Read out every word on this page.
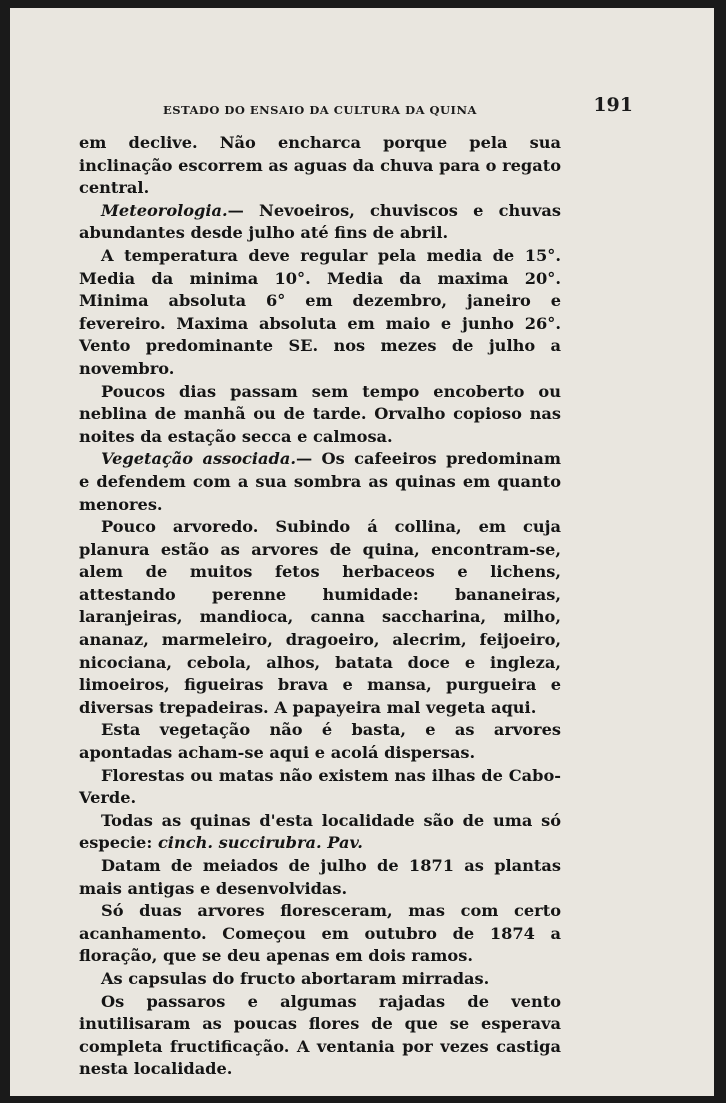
ESTADO DO ENSAIO DA CULTURA DA QUINA	191

em declive. Não encharca porque pela sua inclinação escorrem as aguas da chuva para o regato central.

Meteorologia.— Nevoeiros, chuviscos e chuvas abundantes desde julho até fins de abril.

A temperatura deve regular pela media de 15°. Media da minima 10°. Media da maxima 20°. Minima absoluta 6° em dezembro, janeiro e fevereiro. Maxima absoluta em maio e junho 26°. Vento predominante SE. nos mezes de julho a novembro.

Poucos dias passam sem tempo encoberto ou neblina de manhã ou de tarde. Orvalho copioso nas noites da estação secca e calmosa.

Vegetação associada.— Os cafeeiros predominam e defendem com a sua sombra as quinas em quanto menores.

Pouco arvoredo. Subindo á collina, em cuja planura estão as arvores de quina, encontram-se, alem de muitos fetos herbaceos e lichens, attestando perenne humidade: bananeiras, laranjeiras, mandioca, canna saccharina, milho, ananaz, marmeleiro, dragoeiro, alecrim, feijoeiro, nicociana, cebola, alhos, batata doce e ingleza, limoeiros, figueiras brava e mansa, purgueira e diversas trepadeiras. A papayeira mal vegeta aqui.

Esta vegetação não é basta, e as arvores apontadas acham-se aqui e acolá dispersas.

Florestas ou matas não existem nas ilhas de Cabo-Verde.

Todas as quinas d'esta localidade são de uma só especie: cinch. succirubra. Pav.

Datam de meiados de julho de 1871 as plantas mais antigas e desenvolvidas.

Só duas arvores floresceram, mas com certo acanhamento. Começou em outubro de 1874 a floração, que se deu apenas em dois ramos.

As capsulas do fructo abortaram mirradas.

Os passaros e algumas rajadas de vento inutilisaram as poucas flores de que se esperava completa fructificação. A ventania por vezes castiga nesta localidade.
